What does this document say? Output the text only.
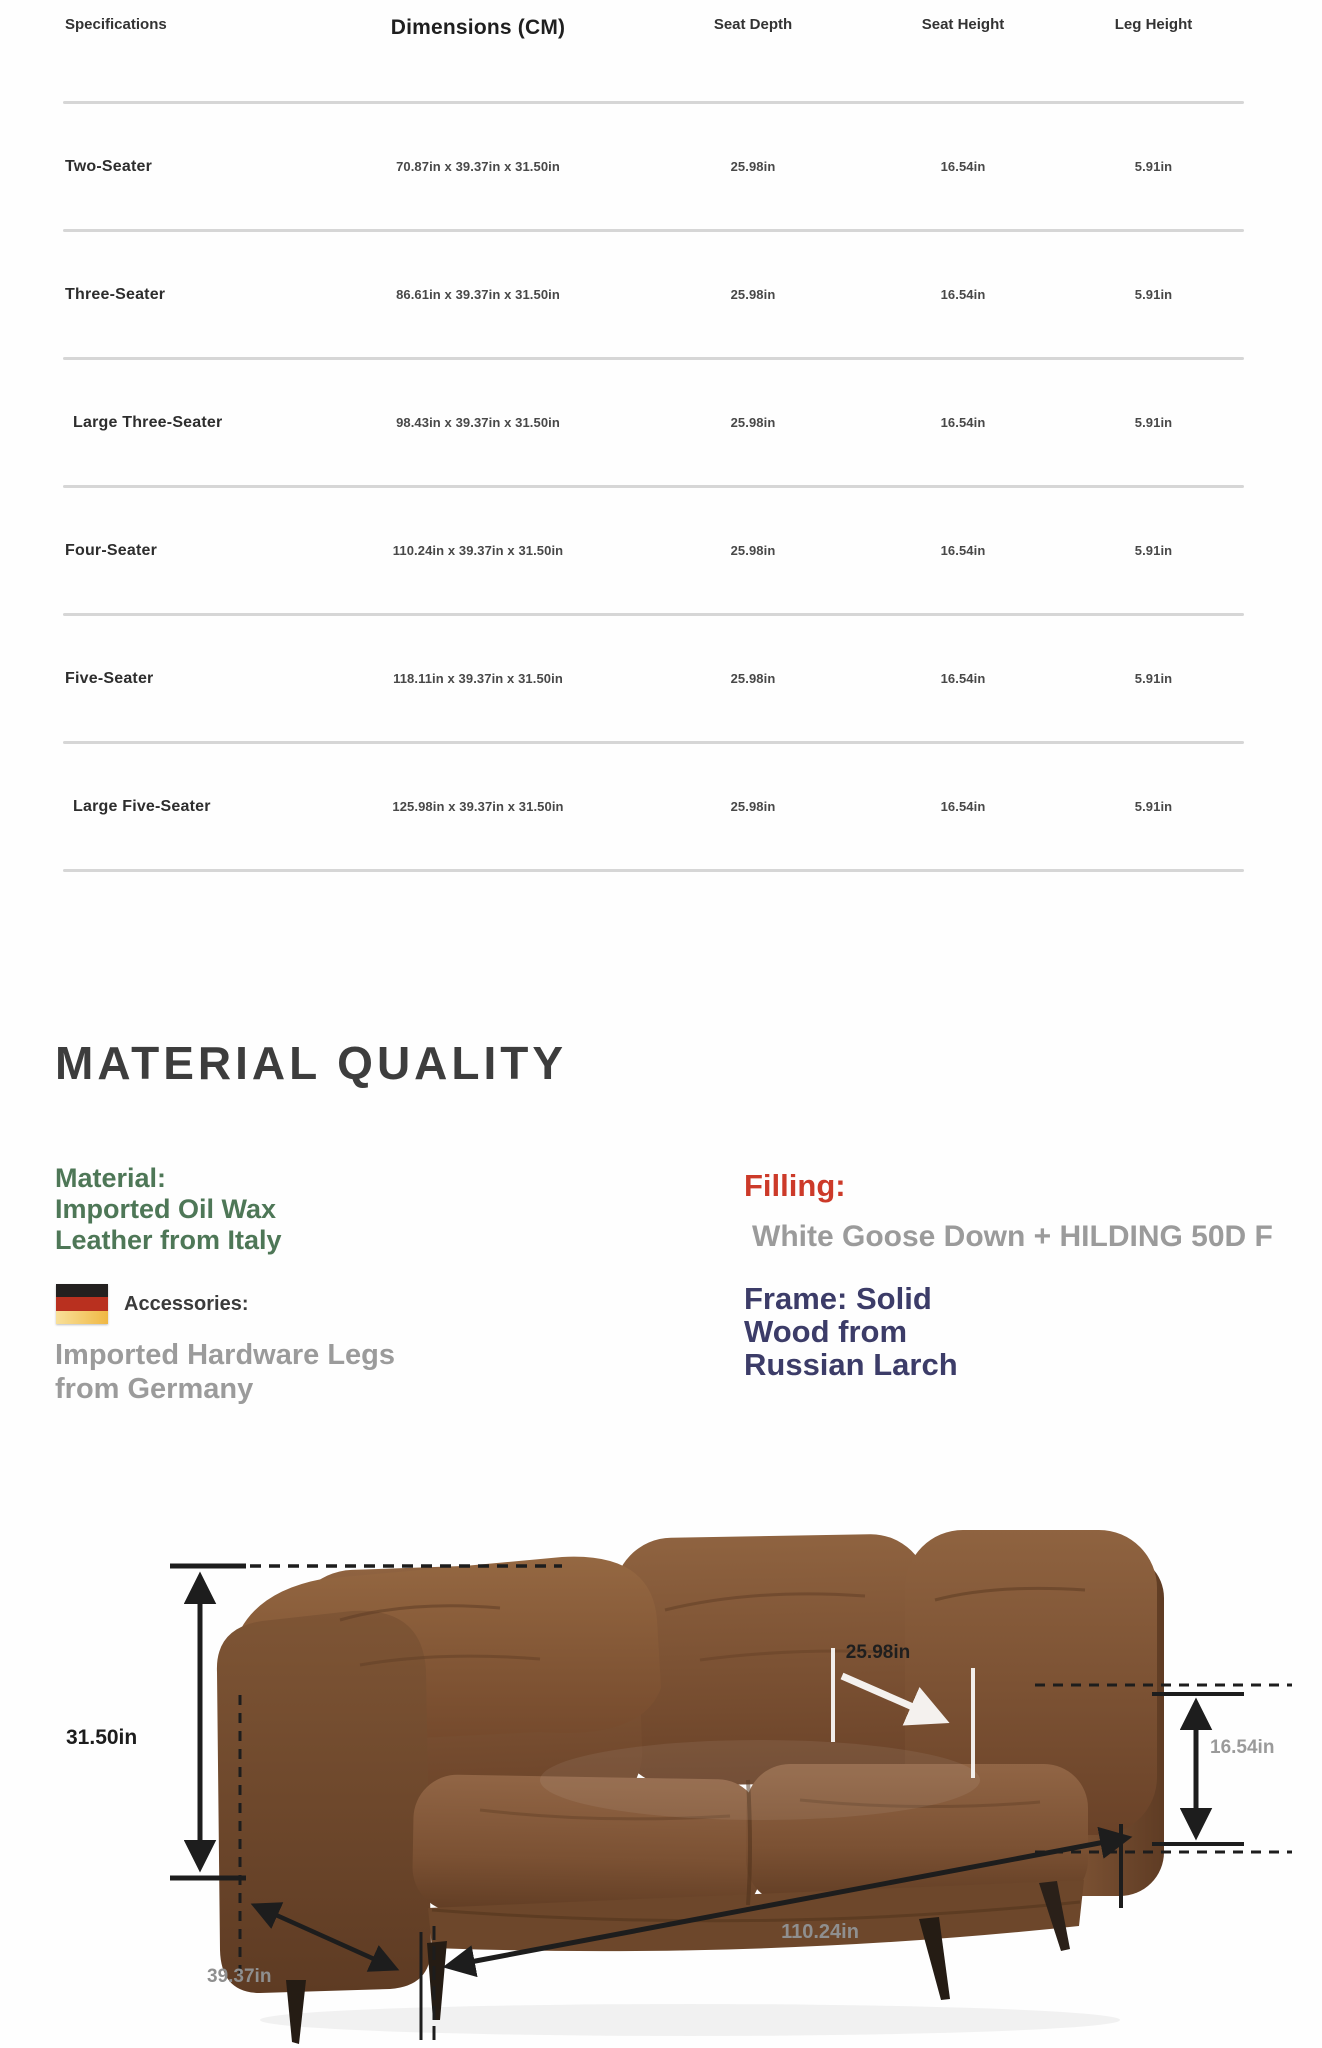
Specifications	Dimensions (CM)	Seat Depth	Seat Height	Leg Height
Two-Seater	70.87in x 39.37in x 31.50in	25.98in	16.54in	5.91in
Three-Seater	86.61in x 39.37in x 31.50in	25.98in	16.54in	5.91in
Large Three-Seater	98.43in x 39.37in x 31.50in	25.98in	16.54in	5.91in
Four-Seater	110.24in x 39.37in x 31.50in	25.98in	16.54in	5.91in
Five-Seater	118.11in x 39.37in x 31.50in	25.98in	16.54in	5.91in
Large Five-Seater	125.98in x 39.37in x 31.50in	25.98in	16.54in	5.91in
MATERIAL QUALITY
Material:
Imported Oil Wax
Leather from Italy
Accessories:
Imported Hardware Legs
from Germany
Filling:
White Goose Down + HILDING 50D F
Frame: Solid
Wood from
Russian Larch
31.50in
25.98in
16.54in
110.24in
39.37in
